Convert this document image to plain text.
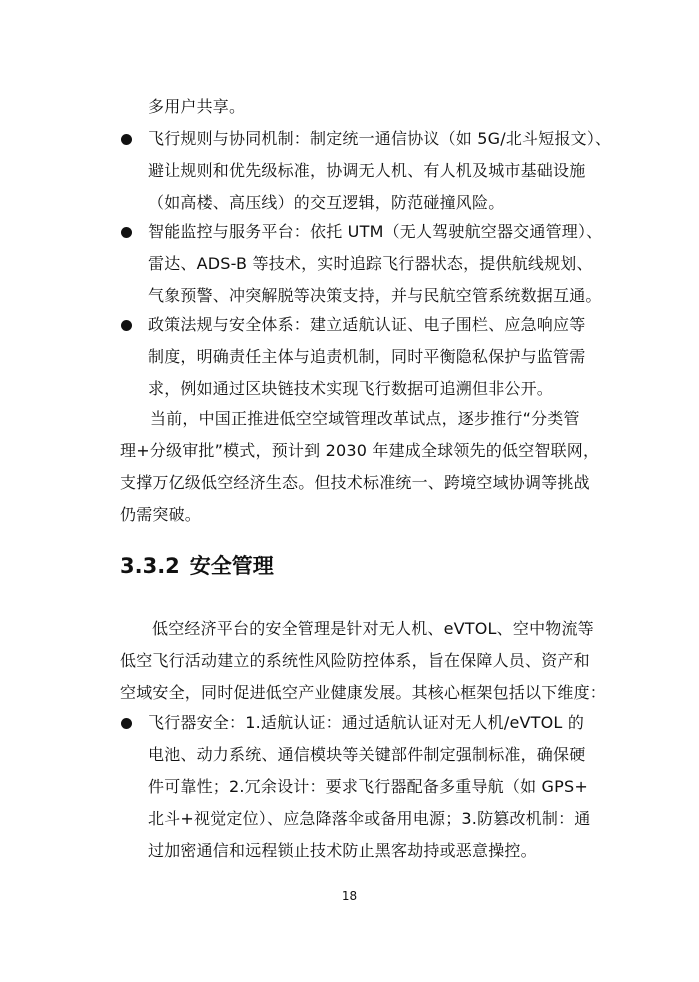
多用户共享。
飞行规则与协同机制：制定统一通信协议（如 5G/北斗短报文）、
避让规则和优先级标准，协调无人机、有人机及城市基础设施
（如高楼、高压线）的交互逻辑，防范碰撞风险。
智能监控与服务平台：依托 UTM（无人驾驶航空器交通管理）、
雷达、ADS-B 等技术，实时追踪飞行器状态，提供航线规划、
气象预警、冲突解脱等决策支持，并与民航空管系统数据互通。
政策法规与安全体系：建立适航认证、电子围栏、应急响应等
制度，明确责任主体与追责机制，同时平衡隐私保护与监管需
求，例如通过区块链技术实现飞行数据可追溯但非公开。
当前，中国正推进低空空域管理改革试点，逐步推行“分类管
理+分级审批”模式，预计到 2030 年建成全球领先的低空智联网，
支撑万亿级低空经济生态。但技术标准统一、跨境空域协调等挑战
仍需突破。
3.3.2 安全管理
低空经济平台的安全管理是针对无人机、eVTOL、空中物流等
低空飞行活动建立的系统性风险防控体系，旨在保障人员、资产和
空域安全，同时促进低空产业健康发展。其核心框架包括以下维度：
飞行器安全：1.适航认证：通过适航认证对无人机/eVTOL 的
电池、动力系统、通信模块等关键部件制定强制标准，确保硬
件可靠性；2.冗余设计：要求飞行器配备多重导航（如 GPS+
北斗+视觉定位）、应急降落伞或备用电源；3.防篡改机制：通
过加密通信和远程锁止技术防止黑客劫持或恶意操控。
18
